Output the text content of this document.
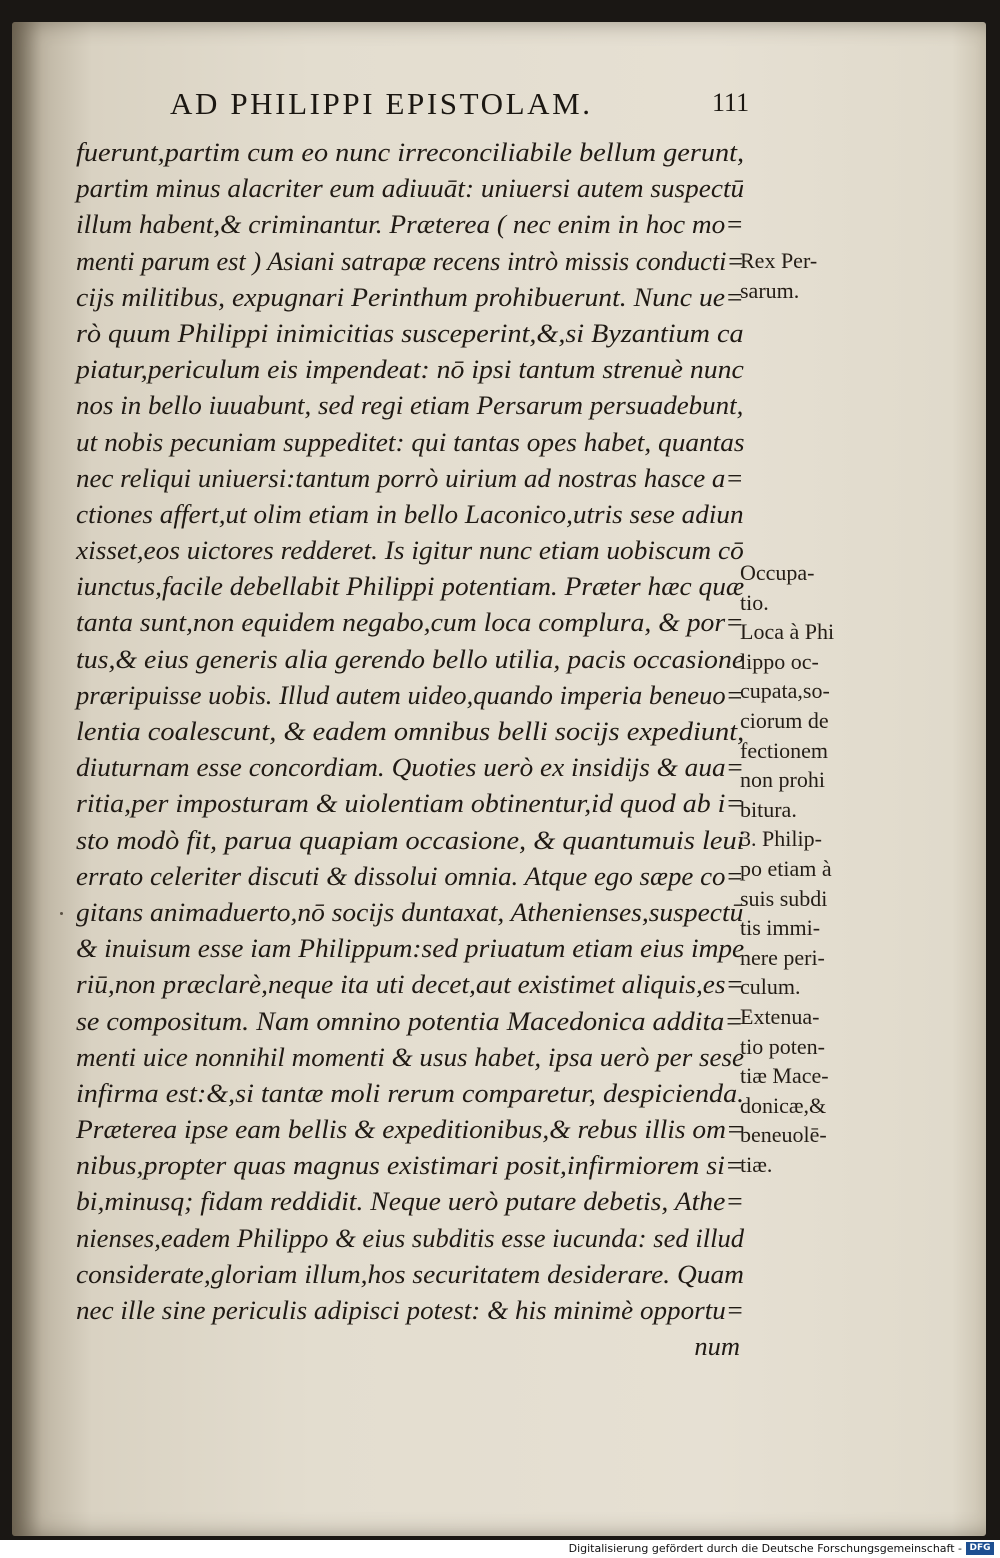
AD PHILIPPI EPISTOLAM.	111
fuerunt,partim cum eo nunc irreconciliabile bellum gerunt,
partim minus alacriter eum adiuuāt: uniuersi autem suspectū
illum habent,& criminantur. Præterea ( nec enim in hoc mo=
menti parum est ) Asiani satrapæ recens intrò missis conducti=
cijs militibus, expugnari Perinthum prohibuerunt. Nunc ue=
rò quum Philippi inimicitias susceperint,&,si Byzantium ca
piatur,periculum eis impendeat: nō ipsi tantum strenuè nunc
nos in bello iuuabunt, sed regi etiam Persarum persuadebunt,
ut nobis pecuniam suppeditet: qui tantas opes habet, quantas
nec reliqui uniuersi:tantum porrò uirium ad nostras hasce a=
ctiones affert,ut olim etiam in bello Laconico,utris sese adiun
xisset,eos uictores redderet. Is igitur nunc etiam uobiscum cō
iunctus,facile debellabit Philippi potentiam. Præter hæc quæ
tanta sunt,non equidem negabo,cum loca complura, & por=
tus,& eius generis alia gerendo bello utilia, pacis occasione
præripuisse uobis. Illud autem uideo,quando imperia beneuo=
lentia coalescunt, & eadem omnibus belli socijs expediunt,
diuturnam esse concordiam. Quoties uerò ex insidijs & aua=
ritia,per imposturam & uiolentiam obtinentur,id quod ab i=
sto modò fit, parua quapiam occasione, & quantumuis leui
errato celeriter discuti & dissolui omnia. Atque ego sæpe co=
gitans animaduerto,nō socijs duntaxat, Athenienses,suspectū
& inuisum esse iam Philippum:sed priuatum etiam eius impe
riū,non præclarè,neque ita uti decet,aut existimet aliquis,es=
se compositum. Nam omnino potentia Macedonica addita=
menti uice nonnihil momenti & usus habet, ipsa uerò per sese
infirma est:&,si tantæ moli rerum comparetur, despicienda.
Præterea ipse eam bellis & expeditionibus,& rebus illis om=
nibus,propter quas magnus existimari posit,infirmiorem si=
bi,minusq; fidam reddidit. Neque uerò putare debetis, Athe=
nienses,eadem Philippo & eius subditis esse iucunda: sed illud
considerate,gloriam illum,hos securitatem desiderare. Quam
nec ille sine periculis adipisci potest: & his minimè opportu=
num
Rex Per-
sarum.
Occupa-
tio.
Loca à Phi
lippo oc-
cupata,so-
ciorum de
fectionem
non prohi
bitura.
3. Philip-
po etiam à
suis subdi
tis immi-
nere peri-
culum.
Extenua-
tio poten-
tiæ Mace-
donicæ,&
beneuolē-
tiæ.
Digitalisierung gefördert durch die Deutsche Forschungsgemeinschaft - DFG
